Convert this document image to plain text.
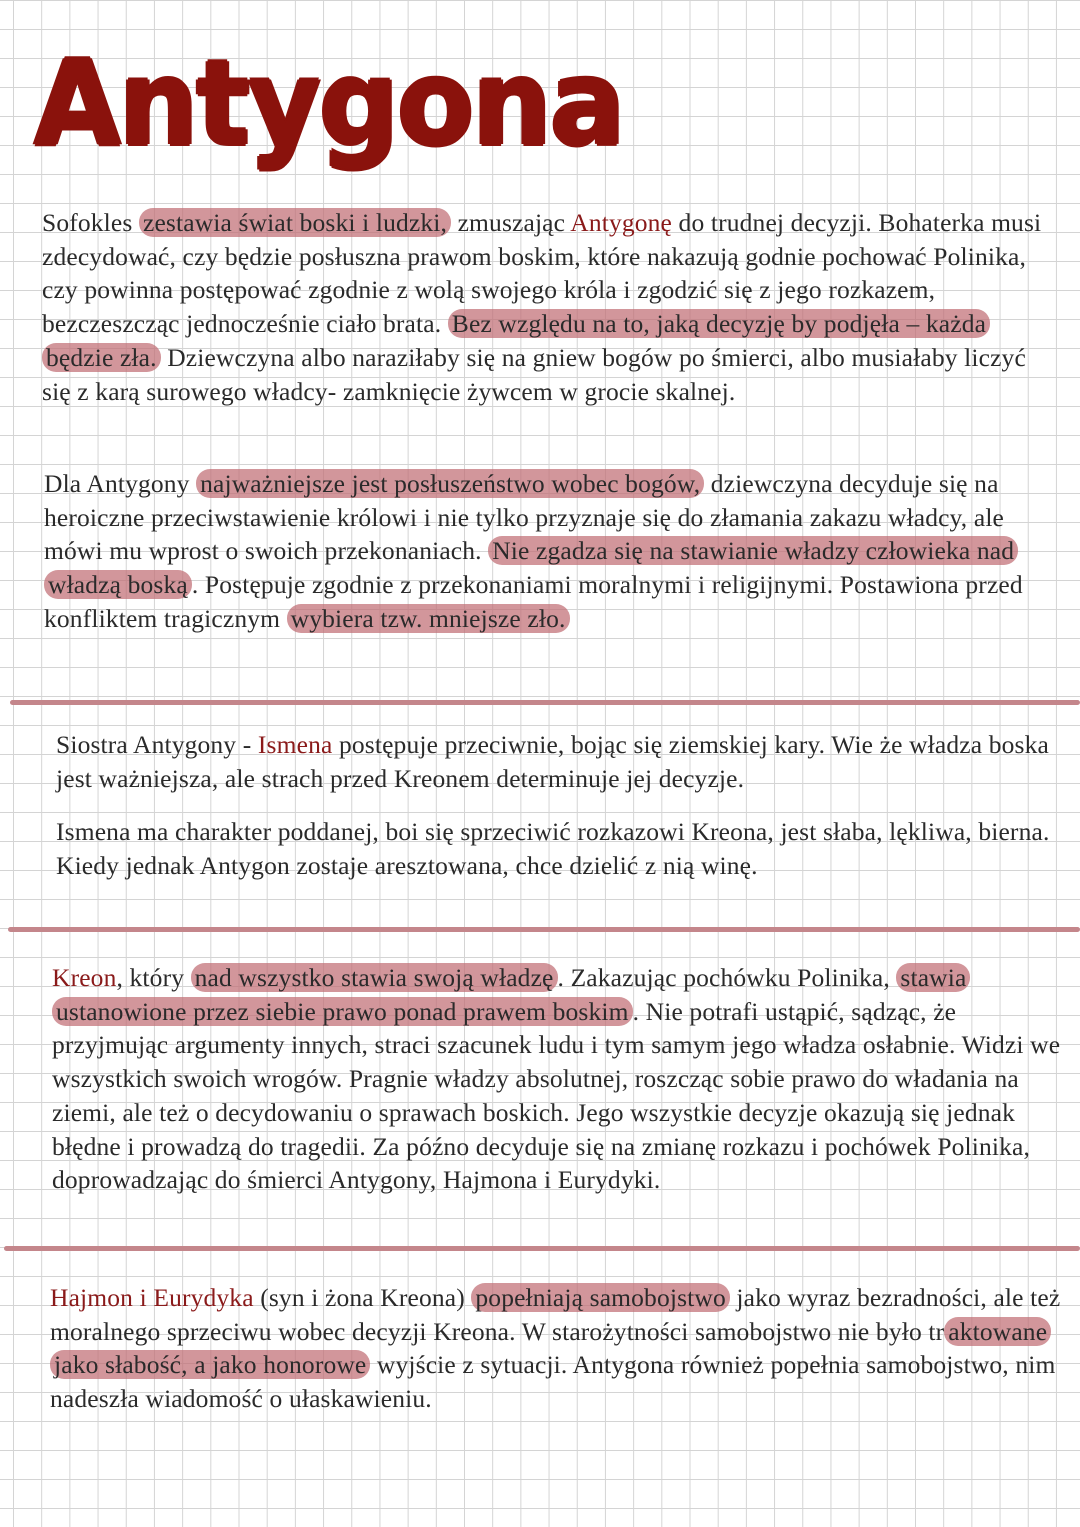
Antygona

Sofokles zestawia świat boski i ludzki, zmuszając Antygonę do trudnej decyzji. Bohaterka musi zdecydować, czy będzie posłuszna prawom boskim, które nakazują godnie pochować Polinika, czy powinna postępować zgodnie z wolą swojego króla i zgodzić się z jego rozkazem, bezczeszcząc jednocześnie ciało brata. Bez względu na to, jaką decyzję by podjęła – każda będzie zła. Dziewczyna albo naraziłaby się na gniew bogów po śmierci, albo musiałaby liczyć się z karą surowego władcy- zamknięcie żywcem w grocie skalnej.

Dla Antygony najważniejsze jest posłuszeństwo wobec bogów, dziewczyna decyduje się na heroiczne przeciwstawienie królowi i nie tylko przyznaje się do złamania zakazu władcy, ale mówi mu wprost o swoich przekonaniach. Nie zgadza się na stawianie władzy człowieka nad władzą boską . Postępuje zgodnie z przekonaniami moralnymi i religijnymi. Postawiona przed konfliktem tragicznym wybiera tzw. mniejsze zło.

Siostra Antygony - Ismena postępuje przeciwnie, bojąc się ziemskiej kary. Wie że władza boska jest ważniejsza, ale strach przed Kreonem determinuje jej decyzje.

Ismena ma charakter poddanej, boi się sprzeciwić rozkazowi Kreona, jest słaba, lękliwa, bierna. Kiedy jednak Antygon zostaje aresztowana, chce dzielić z nią winę.

Kreon, który nad wszystko stawia swoją władzę . Zakazując pochówku Polinika, stawia ustanowione przez siebie prawo ponad prawem boskim . Nie potrafi ustąpić, sądząc, że przyjmując argumenty innych, straci szacunek ludu i tym samym jego władza osłabnie. Widzi we wszystkich swoich wrogów. Pragnie władzy absolutnej, roszcząc sobie prawo do władania na ziemi, ale też o decydowaniu o sprawach boskich. Jego wszystkie decyzje okazują się jednak błędne i prowadzą do tragedii. Za późno decyduje się na zmianę rozkazu i pochówek Polinika, doprowadzając do śmierci Antygony, Hajmona i Eurydyki.

Hajmon i Eurydyka (syn i żona Kreona) popełniają samobojstwo jako wyraz bezradności, ale też moralnego sprzeciwu wobec decyzji Kreona. W starożytności samobojstwo nie było tr aktowane jako słabość, a jako honorowe wyjście z sytuacji. Antygona również popełnia samobojstwo, nim nadeszła wiadomość o ułaskawieniu.
